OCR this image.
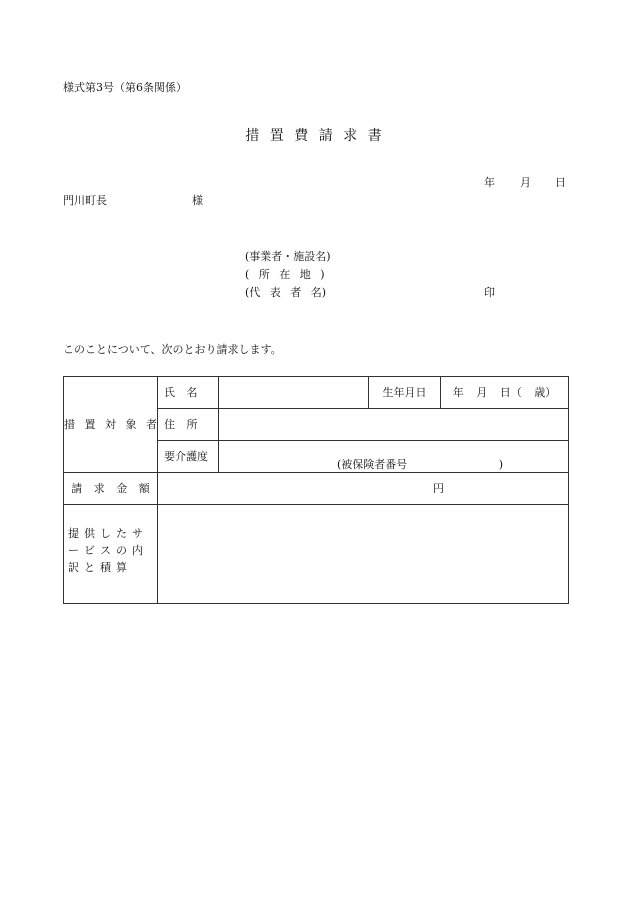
様式第3号（第6条関係）
措 置 費 請 求 書
年 月 日
門川町長	様
(事業者・施設名)
( 所 在 地 )
(代 表 者 名)	印
このことについて、次のとおり請求します。
措 置 対 象 者	氏 名		生年月日	年 月 日（ 歳）
	住 所			
	要介護度	(被保険者番号 )		
請 求 金 額	円			
提供したサービスの内訳と積算				
